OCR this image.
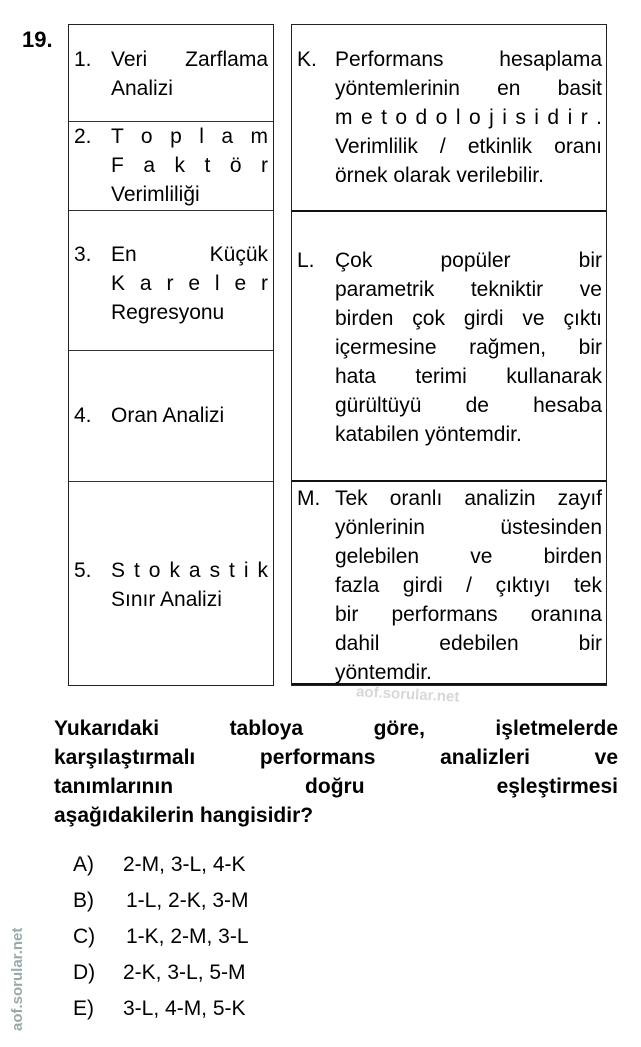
19.
1. Veri Zarflama
Analizi
2. T o p l a m
F a k t ö r
Verimliliği
3. En Küçük
K a r e l e r
Regresyonu
4. Oran Analizi
5. S t o k a s t i k
Sınır Analizi
K. Performans hesaplama
yöntemlerinin en basit
m e t o d o l o j i s i d i r .
Verimlilik / etkinlik oranı
örnek olarak verilebilir.
L. Çok popüler bir
parametrik tekniktir ve
birden çok girdi ve çıktı
içermesine rağmen, bir
hata terimi kullanarak
gürültüyü de hesaba
katabilen yöntemdir.
M. Tek oranlı analizin zayıf
yönlerinin üstesinden
gelebilen ve birden
fazla girdi / çıktıyı tek
bir performans oranına
dahil edebilen bir
yöntemdir.
aof.sorular.net
Yukarıdaki tabloya göre, işletmelerde
karşılaştırmalı performans analizleri ve
tanımlarının doğru eşleştirmesi
aşağıdakilerin hangisidir?
A)	2-M, 3-L, 4-K
B)	1-L, 2-K, 3-M
C)	1-K, 2-M, 3-L
D)	2-K, 3-L, 5-M
E)	3-L, 4-M, 5-K
aof.sorular.net
